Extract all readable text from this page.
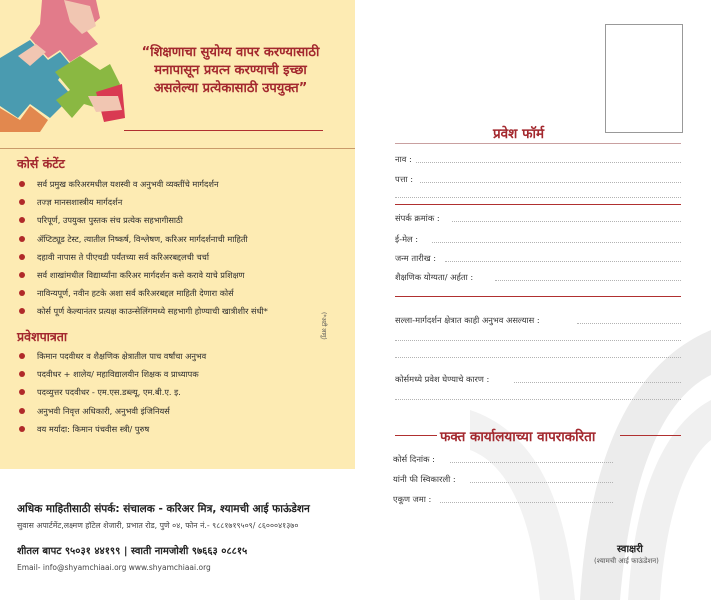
“शिक्षणाचा सुयोग्य वापर करण्यासाठी
मनापासून प्रयत्न करण्याची इच्छा
असलेल्या प्रत्येकासाठी उपयुक्त”
कोर्स कंटेंट
सर्व प्रमुख करिअरमधील यशस्वी व अनुभवी व्यक्तींचे मार्गदर्शन
तज्ज्ञ मानसशास्त्रीय मार्गदर्शन
परिपूर्ण, उपयुक्त पुस्तक संच प्रत्येक सहभागीसाठी
ॲप्टिट्यूड टेस्ट, त्यातील निष्कर्ष, विश्लेषण, करिअर मार्गदर्शनाची माहिती
दहावी नापास ते पीएचडी पर्यंतच्या सर्व करिअरबद्दलची चर्चा
सर्व शाखांमधील विद्यार्थ्यांना करिअर मार्गदर्शन कसे करावे याचे प्रशिक्षण
नाविन्यपूर्ण, नवीन हटके अशा सर्व करिअरबद्दल माहिती देणारा कोर्स
कोर्स पूर्ण केल्यानंतर प्रत्यक्ष काउन्सेलिंगमध्ये सहभागी होण्याची खात्रीशीर संधी*
प्रवेशपात्रता
किमान पदवीधर व शैक्षणिक क्षेत्रातील पाच वर्षांचा अनुभव
पदवीधर + शालेय/ महाविद्यालयीन शिक्षक व प्राध्यापक
पदव्युत्तर पदवीधर - एम.एस.डब्ल्यू, एम.बी.ए. इ.
अनुभवी निवृत्त अधिकारी, अनुभवी इंजिनियर्स
वय मर्यादा: किमान पंचवीस स्त्री/ पुरुष
(*अटी लागू)
अधिक माहितीसाठी संपर्क: संचालक - करिअर मित्र, श्यामची आई फाऊंडेशन
सुवास अपार्टमेंट,लक्ष्मण हॉटेल शेजारी, प्रभात रोड, पुणे ०४, फोन नं.- ९८८१७१९५०९/ ८६०००४१३७०
शीतल बापट ९५०३१ ४४१९९ | स्वाती नामजोशी ९७६६३ ०८८१५
Email- info@shyamchiaai.org www.shyamchiaai.org
प्रवेश फॉर्म
नाव :
पत्ता :
संपर्क क्रमांक :
ई-मेल :
जन्म तारीख :
शैक्षणिक योग्यता/ अर्हता :
सल्ला-मार्गदर्शन क्षेत्रात काही अनुभव असल्यास :
कोर्समध्ये प्रवेश घेण्याचे कारण :
फक्त कार्यालयाच्या वापराकरिता
कोर्स दिनांक :
यांनी फी स्विकारली :
एकूण जमा :
स्वाक्षरी
(श्यामची आई फाऊंडेशन)
